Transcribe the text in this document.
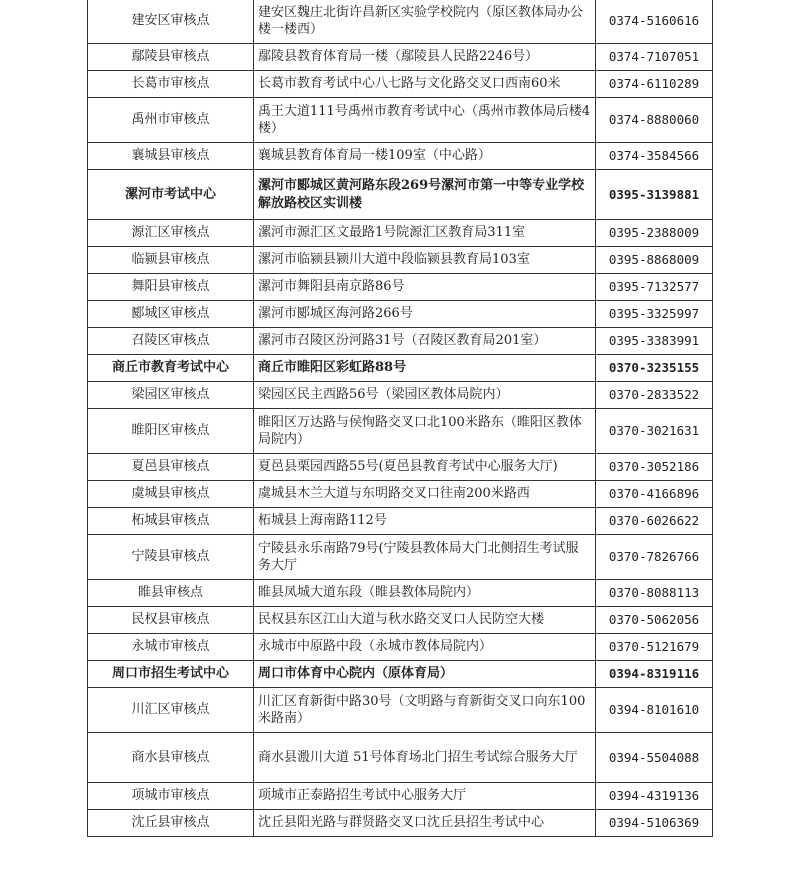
建安区审核点	建安区魏庄北街许昌新区实验学校院内（原区教体局办公楼一楼西）	0374-5160616
鄢陵县审核点	鄢陵县教育体育局一楼（鄢陵县人民路2246号）	0374-7107051
长葛市审核点	长葛市教育考试中心八七路与文化路交叉口西南60米	0374-6110289
禹州市审核点	禹王大道111号禹州市教育考试中心（禹州市教体局后楼4楼）	0374-8880060
襄城县审核点	襄城县教育体育局一楼109室（中心路）	0374-3584566
漯河市考试中心	漯河市郾城区黄河路东段269号漯河市第一中等专业学校解放路校区实训楼	0395-3139881
源汇区审核点	漯河市源汇区文最路1号院源汇区教育局311室	0395-2388009
临颍县审核点	漯河市临颍县颍川大道中段临颍县教育局103室	0395-8868009
舞阳县审核点	漯河市舞阳县南京路86号	0395-7132577
郾城区审核点	漯河市郾城区海河路266号	0395-3325997
召陵区审核点	漯河市召陵区汾河路31号（召陵区教育局201室）	0395-3383991
商丘市教育考试中心	商丘市睢阳区彩虹路88号	0370-3235155
梁园区审核点	梁园区民主西路56号（梁园区教体局院内）	0370-2833522
睢阳区审核点	睢阳区万达路与侯恂路交叉口北100米路东（睢阳区教体局院内）	0370-3021631
夏邑县审核点	夏邑县栗园西路55号(夏邑县教育考试中心服务大厅)	0370-3052186
虞城县审核点	虞城县木兰大道与东明路交叉口往南200米路西	0370-4166896
柘城县审核点	柘城县上海南路112号	0370-6026622
宁陵县审核点	宁陵县永乐南路79号(宁陵县教体局大门北侧招生考试服务大厅	0370-7826766
睢县审核点	睢县凤城大道东段（睢县教体局院内）	0370-8088113
民权县审核点	民权县东区江山大道与秋水路交叉口人民防空大楼	0370-5062056
永城市审核点	永城市中原路中段（永城市教体局院内）	0370-5121679
周口市招生考试中心	周口市体育中心院内（原体育局）	0394-8319116
川汇区审核点	川汇区育新街中路30号（文明路与育新街交叉口向东100米路南）	0394-8101610
商水县审核点	商水县溵川大道 51号体育场北门招生考试综合服务大厅	0394-5504088
项城市审核点	项城市正泰路招生考试中心服务大厅	0394-4319136
沈丘县审核点	沈丘县阳光路与群贤路交叉口沈丘县招生考试中心	0394-5106369
